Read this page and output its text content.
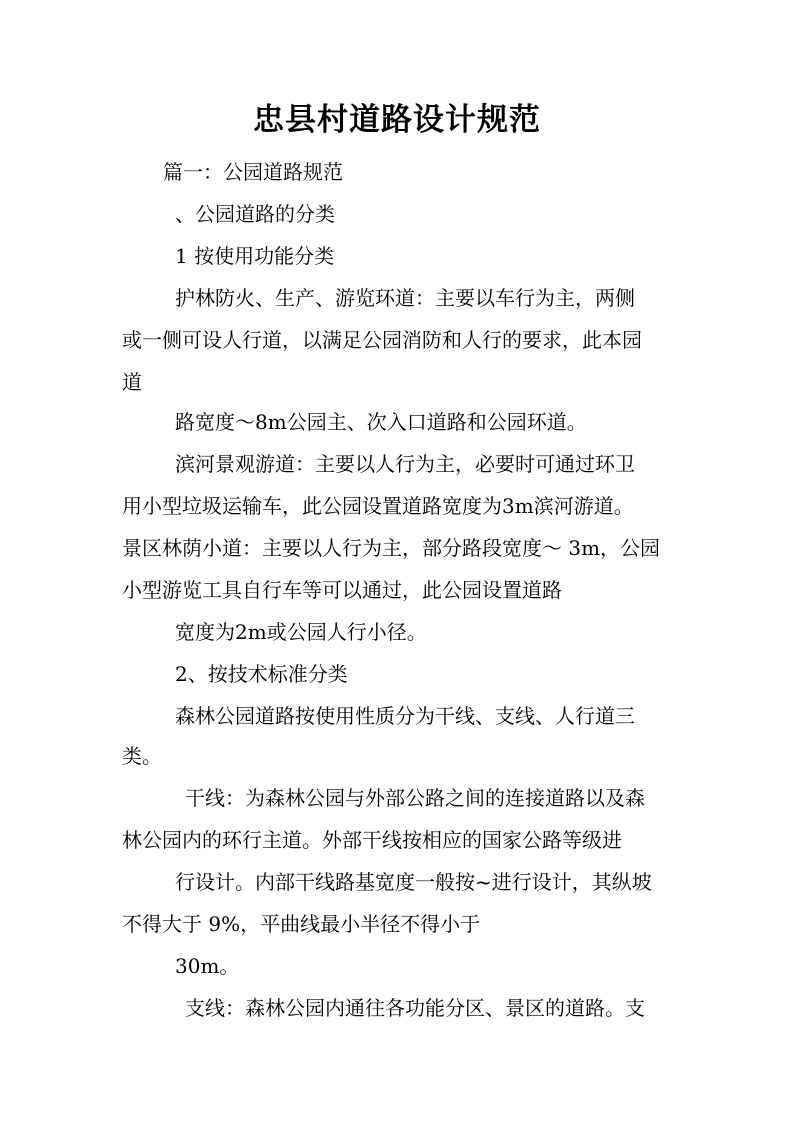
忠县村道路设计规范

篇一：公园道路规范

、公园道路的分类

1 按使用功能分类

护林防火、生产、游览环道：主要以车行为主，两侧

或一侧可设人行道，以满足公园消防和人行的要求，此本园

道

路宽度～8m公园主、次入口道路和公园环道。

滨河景观游道：主要以人行为主，必要时可通过环卫

用小型垃圾运输车，此公园设置道路宽度为3m滨河游道。

景区林荫小道：主要以人行为主，部分路段宽度～ 3m，公园

小型游览工具自行车等可以通过，此公园设置道路

宽度为2m或公园人行小径。

2、按技术标准分类

森林公园道路按使用性质分为干线、支线、人行道三

类。

干线：为森林公园与外部公路之间的连接道路以及森

林公园内的环行主道。外部干线按相应的国家公路等级进

行设计。内部干线路基宽度一般按~进行设计，其纵坡

不得大于 9%，平曲线最小半径不得小于

30m。

支线：森林公园内通往各功能分区、景区的道路。支
